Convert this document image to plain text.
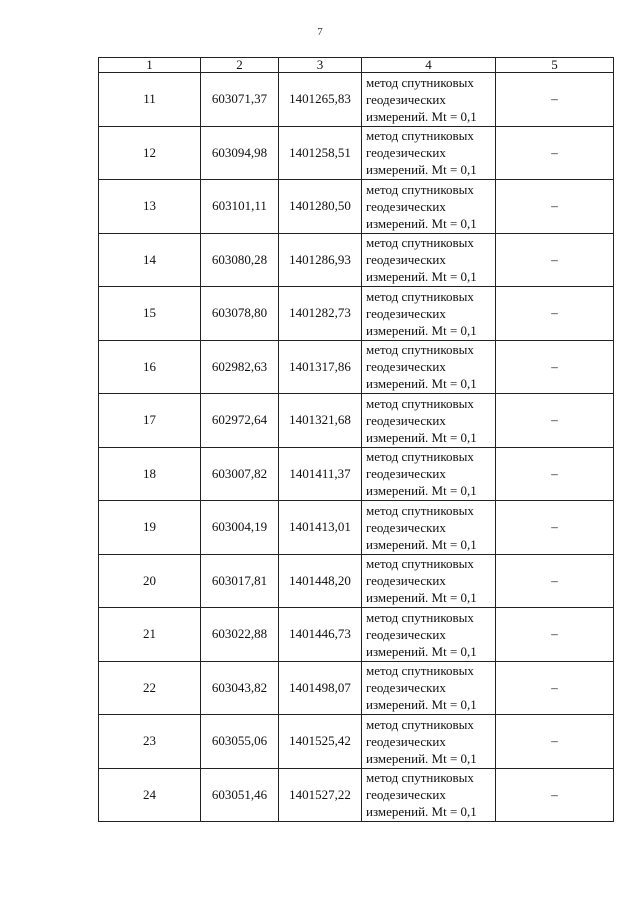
7
1	2	3	4	5
11	603071,37	1401265,83	метод спутниковых
геодезических
измерений. Mt = 0,1	–
12	603094,98	1401258,51	метод спутниковых
геодезических
измерений. Mt = 0,1	–
13	603101,11	1401280,50	метод спутниковых
геодезических
измерений. Mt = 0,1	–
14	603080,28	1401286,93	метод спутниковых
геодезических
измерений. Mt = 0,1	–
15	603078,80	1401282,73	метод спутниковых
геодезических
измерений. Mt = 0,1	–
16	602982,63	1401317,86	метод спутниковых
геодезических
измерений. Mt = 0,1	–
17	602972,64	1401321,68	метод спутниковых
геодезических
измерений. Mt = 0,1	–
18	603007,82	1401411,37	метод спутниковых
геодезических
измерений. Mt = 0,1	–
19	603004,19	1401413,01	метод спутниковых
геодезических
измерений. Mt = 0,1	–
20	603017,81	1401448,20	метод спутниковых
геодезических
измерений. Mt = 0,1	–
21	603022,88	1401446,73	метод спутниковых
геодезических
измерений. Mt = 0,1	–
22	603043,82	1401498,07	метод спутниковых
геодезических
измерений. Mt = 0,1	–
23	603055,06	1401525,42	метод спутниковых
геодезических
измерений. Mt = 0,1	–
24	603051,46	1401527,22	метод спутниковых
геодезических
измерений. Mt = 0,1	–
